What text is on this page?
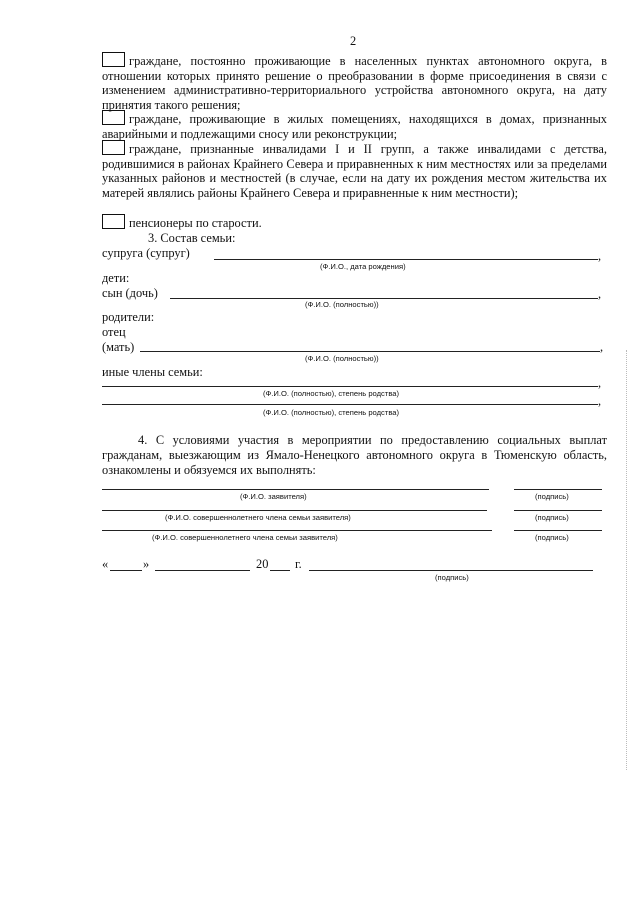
2
граждане, постоянно проживающие в населенных пунктах автономного округа, в отношении которых принято решение о преобразовании в форме присоединения в связи с изменением административно-территориального устройства автономного округа, на дату принятия такого решения;
граждане, проживающие в жилых помещениях, находящихся в домах, признанных аварийными и подлежащими сносу или реконструкции;
граждане, признанные инвалидами I и II групп, а также инвалидами с детства, родившимися в районах Крайнего Севера и приравненных к ним местностях или за пределами указанных районов и местностей (в случае, если на дату их рождения местом жительства их матерей являлись районы Крайнего Севера и приравненные к ним местности);
пенсионеры по старости.
3. Состав семьи:
супруга (супруг)	,
(Ф.И.О., дата рождения)
дети:
сын (дочь)	,
(Ф.И.О. (полностью))
родители:
отец
(мать)	,
(Ф.И.О. (полностью))
иные члены семьи:
,
(Ф.И.О. (полностью), степень родства)
,
(Ф.И.О. (полностью), степень родства)
4. С условиями участия в мероприятии по предоставлению социальных выплат гражданам, выезжающим из Ямало-Ненецкого автономного округа в Тюменскую область, ознакомлены и обязуемся их выполнять:
(Ф.И.О. заявителя)	(подпись)
(Ф.И.О. совершеннолетнего члена семьи заявителя)	(подпись)
(Ф.И.О. совершеннолетнего члена семьи заявителя)	(подпись)
«	»	20 г.
(подпись)
